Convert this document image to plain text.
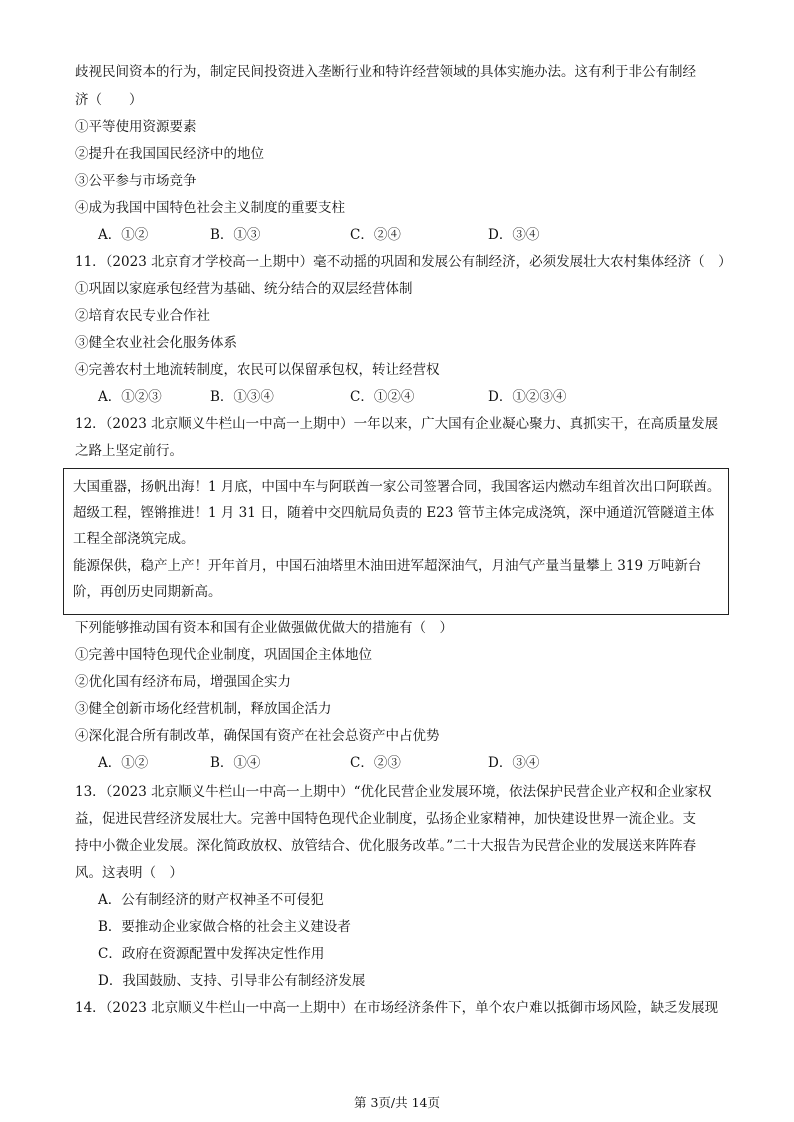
歧视民间资本的行为，制定民间投资进入垄断行业和特许经营领域的具体实施办法。这有利于非公有制经
济（　　）
①平等使用资源要素
②提升在我国国民经济中的地位
③公平参与市场竞争
④成为我国中国特色社会主义制度的重要支柱
A．①②	B．①③	C．②④	D．③④
11．（2023 北京育才学校高一上期中）毫不动摇的巩固和发展公有制经济，必须发展壮大农村集体经济（　）
①巩固以家庭承包经营为基础、统分结合的双层经营体制
②培育农民专业合作社
③健全农业社会化服务体系
④完善农村土地流转制度，农民可以保留承包权，转让经营权
A．①②③	B．①③④	C．①②④	D．①②③④
12．（2023 北京顺义牛栏山一中高一上期中）一年以来，广大国有企业凝心聚力、真抓实干，在高质量发展
之路上坚定前行。
大国重器，扬帆出海！1 月底，中国中车与阿联酋一家公司签署合同，我国客运内燃动车组首次出口阿联酋。
超级工程，铿锵推进！1 月 31 日，随着中交四航局负责的 E23 管节主体完成浇筑，深中通道沉管隧道主体
工程全部浇筑完成。
能源保供，稳产上产！开年首月，中国石油塔里木油田进军超深油气，月油气产量当量攀上 319 万吨新台
阶，再创历史同期新高。
下列能够推动国有资本和国有企业做强做优做大的措施有（　）
①完善中国特色现代企业制度，巩固国企主体地位
②优化国有经济布局，增强国企实力
③健全创新市场化经营机制，释放国企活力
④深化混合所有制改革，确保国有资产在社会总资产中占优势
A．①②	B．①④	C．②③	D．③④
13．（2023 北京顺义牛栏山一中高一上期中）“优化民营企业发展环境，依法保护民营企业产权和企业家权
益，促进民营经济发展壮大。完善中国特色现代企业制度，弘扬企业家精神，加快建设世界一流企业。支
持中小微企业发展。深化简政放权、放管结合、优化服务改革。”二十大报告为民营企业的发展送来阵阵春
风。这表明（　）
A．公有制经济的财产权神圣不可侵犯
B．要推动企业家做合格的社会主义建设者
C．政府在资源配置中发挥决定性作用
D．我国鼓励、支持、引导非公有制经济发展
14．（2023 北京顺义牛栏山一中高一上期中）在市场经济条件下，单个农户难以抵御市场风险，缺乏发展现
第 3页/共 14页
